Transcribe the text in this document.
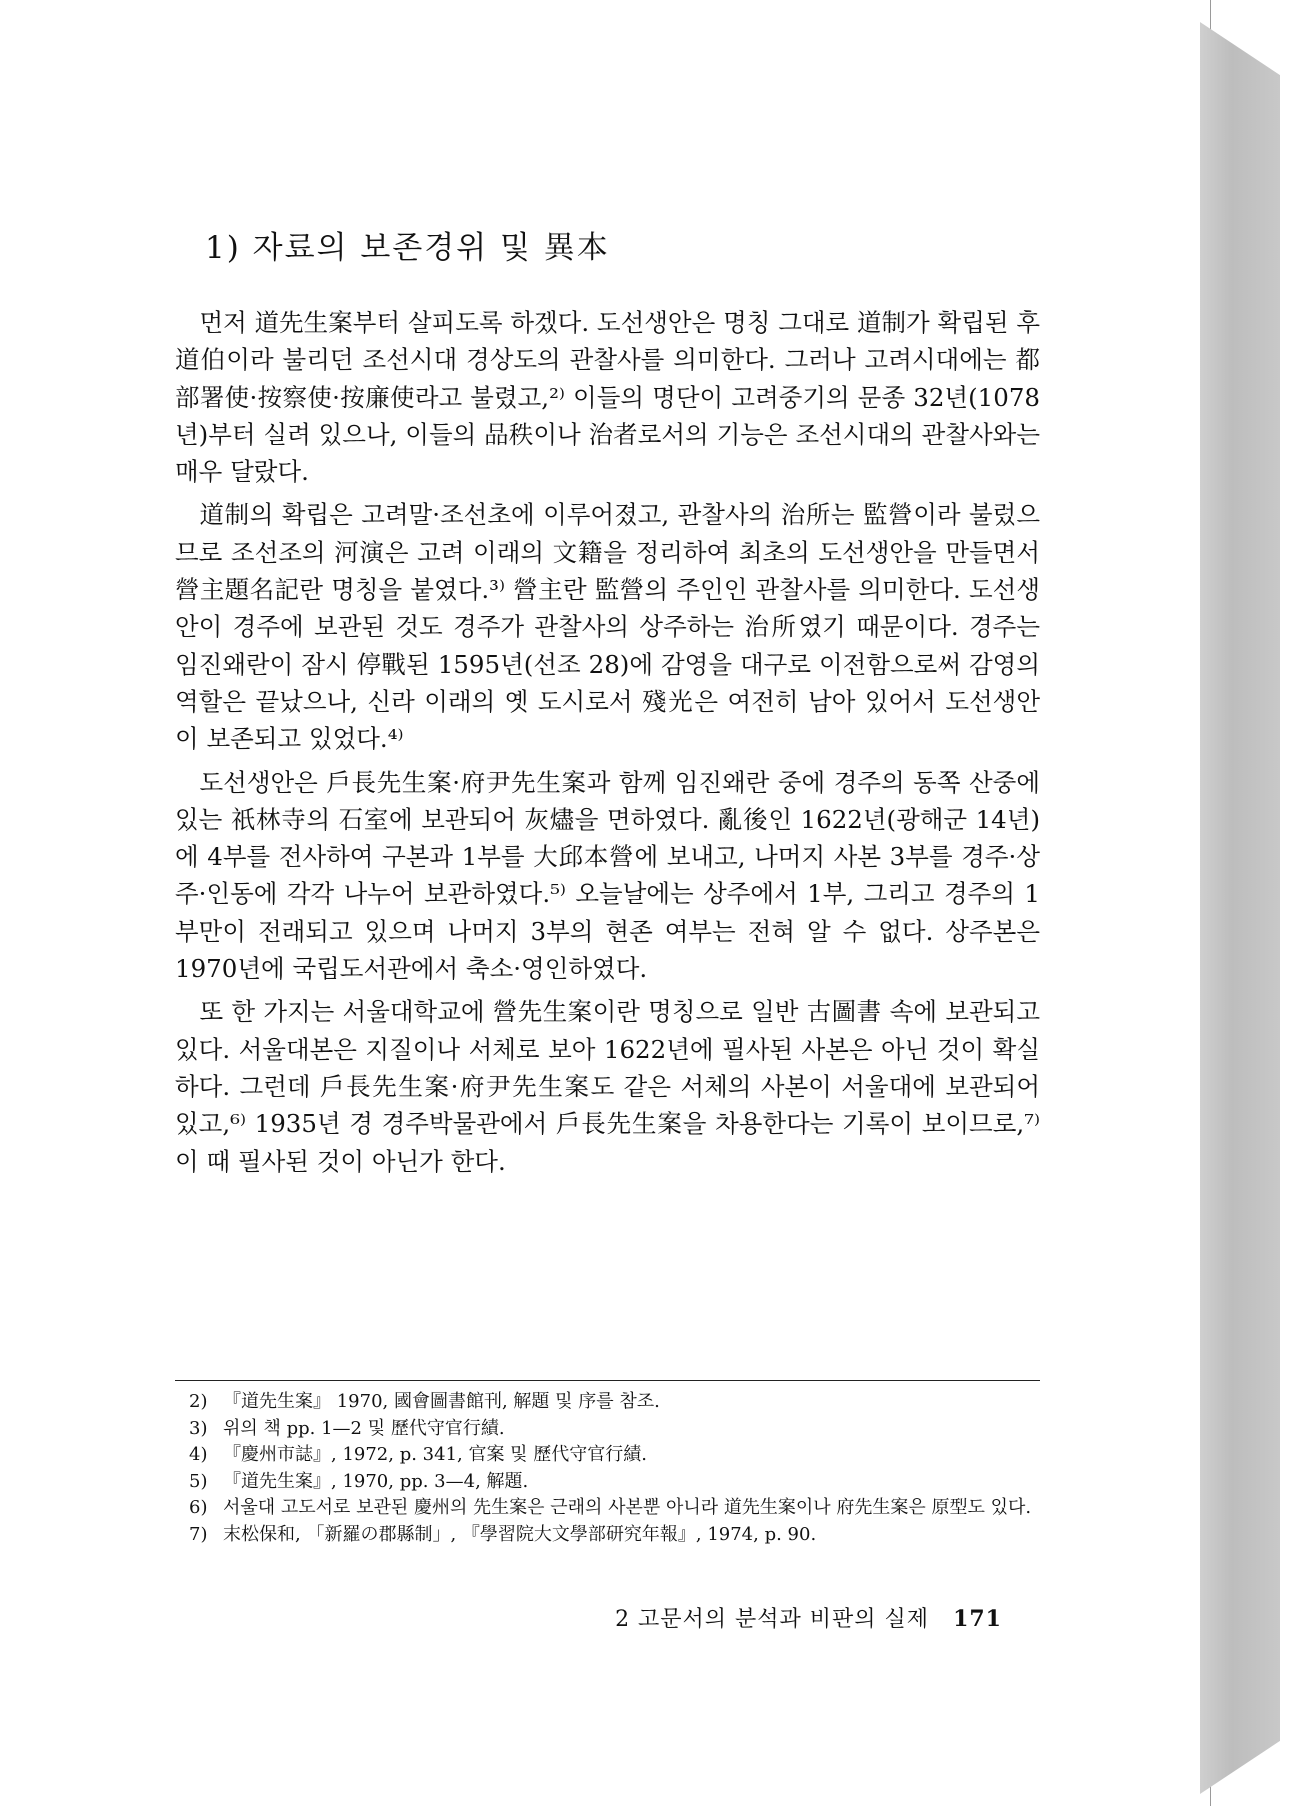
1) 자료의 보존경위 및 異本

먼저 道先生案부터 살피도록 하겠다. 도선생안은 명칭 그대로 道制가 확립된 후 道伯이라 불리던 조선시대 경상도의 관찰사를 의미한다. 그러나 고려시대에는 都部署使·按察使·按廉使라고 불렸고,²⁾ 이들의 명단이 고려중기의 문종 32년(1078년)부터 실려 있으나, 이들의 品秩이나 治者로서의 기능은 조선시대의 관찰사와는 매우 달랐다.

道制의 확립은 고려말·조선초에 이루어졌고, 관찰사의 治所는 監營이라 불렀으므로 조선조의 河演은 고려 이래의 文籍을 정리하여 최초의 도선생안을 만들면서 營主題名記란 명칭을 붙였다.³⁾ 營主란 監營의 주인인 관찰사를 의미한다. 도선생안이 경주에 보관된 것도 경주가 관찰사의 상주하는 治所였기 때문이다. 경주는 임진왜란이 잠시 停戰된 1595년(선조 28)에 감영을 대구로 이전함으로써 감영의 역할은 끝났으나, 신라 이래의 옛 도시로서 殘光은 여전히 남아 있어서 도선생안이 보존되고 있었다.⁴⁾

도선생안은 戶長先生案·府尹先生案과 함께 임진왜란 중에 경주의 동쪽 산중에 있는 祇林寺의 石室에 보관되어 灰燼을 면하였다. 亂後인 1622년(광해군 14년)에 4부를 전사하여 구본과 1부를 大邱本營에 보내고, 나머지 사본 3부를 경주·상주·인동에 각각 나누어 보관하였다.⁵⁾ 오늘날에는 상주에서 1부, 그리고 경주의 1부만이 전래되고 있으며 나머지 3부의 현존 여부는 전혀 알 수 없다. 상주본은 1970년에 국립도서관에서 축소·영인하였다.

또 한 가지는 서울대학교에 營先生案이란 명칭으로 일반 古圖書 속에 보관되고 있다. 서울대본은 지질이나 서체로 보아 1622년에 필사된 사본은 아닌 것이 확실하다. 그런데 戶長先生案·府尹先生案도 같은 서체의 사본이 서울대에 보관되어 있고,⁶⁾ 1935년 경 경주박물관에서 戶長先生案을 차용한다는 기록이 보이므로,⁷⁾ 이 때 필사된 것이 아닌가 한다.

2) 『道先生案』 1970, 國會圖書館刊, 解題 및 序를 참조.
3) 위의 책 pp. 1—2 및 歷代守官行績.
4) 『慶州市誌』, 1972, p. 341, 官案 및 歷代守官行績.
5) 『道先生案』, 1970, pp. 3—4, 解題.
6) 서울대 고도서로 보관된 慶州의 先生案은 근래의 사본뿐 아니라 道先生案이나 府先生案은 原型도 있다.
7) 末松保和, 「新羅の郡縣制」, 『學習院大文學部研究年報』, 1974, p. 90.
2 고문서의 분석과 비판의 실제 171
